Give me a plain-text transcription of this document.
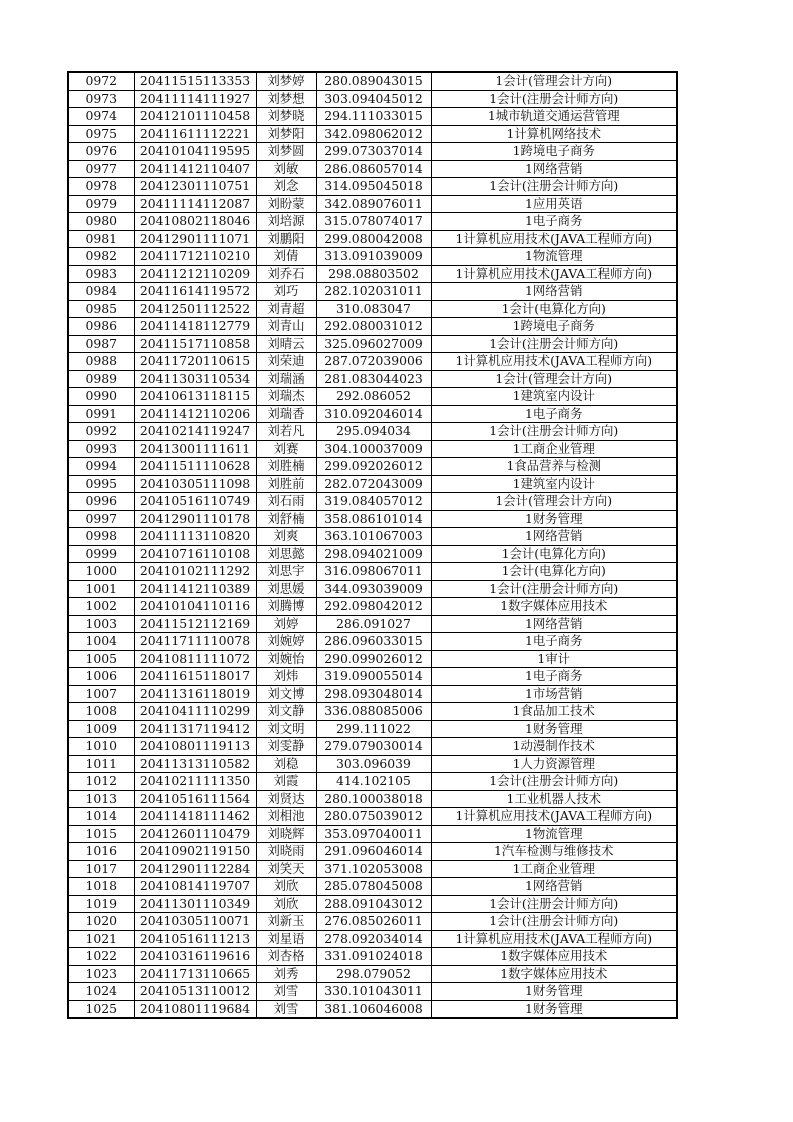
0972	20411515113353	刘梦婷	280.089043015	1会计(管理会计方向)
0973	20411114111927	刘梦想	303.094045012	1会计(注册会计师方向)
0974	20412101110458	刘梦晓	294.111033015	1城市轨道交通运营管理
0975	20411611112221	刘梦阳	342.098062012	1计算机网络技术
0976	20410104119595	刘梦圆	299.073037014	1跨境电子商务
0977	20411412110407	刘敏	286.086057014	1网络营销
0978	20412301110751	刘念	314.095045018	1会计(注册会计师方向)
0979	20411114112087	刘盼蒙	342.089076011	1应用英语
0980	20410802118046	刘培源	315.078074017	1电子商务
0981	20412901111071	刘鹏阳	299.080042008	1计算机应用技术(JAVA工程师方向)
0982	20411712110210	刘倩	313.091039009	1物流管理
0983	20411212110209	刘乔石	298.08803502	1计算机应用技术(JAVA工程师方向)
0984	20411614119572	刘巧	282.102031011	1网络营销
0985	20412501112522	刘青超	310.083047	1会计(电算化方向)
0986	20411418112779	刘青山	292.080031012	1跨境电子商务
0987	20411517110858	刘晴云	325.096027009	1会计(注册会计师方向)
0988	20411720110615	刘荣迪	287.072039006	1计算机应用技术(JAVA工程师方向)
0989	20411303110534	刘瑞涵	281.083044023	1会计(管理会计方向)
0990	20410613118115	刘瑞杰	292.086052	1建筑室内设计
0991	20411412110206	刘瑞香	310.092046014	1电子商务
0992	20410214119247	刘若凡	295.094034	1会计(注册会计师方向)
0993	20413001111611	刘赛	304.100037009	1工商企业管理
0994	20411511110628	刘胜楠	299.092026012	1食品营养与检测
0995	20410305111098	刘胜前	282.072043009	1建筑室内设计
0996	20410516110749	刘石雨	319.084057012	1会计(管理会计方向)
0997	20412901110178	刘舒楠	358.086101014	1财务管理
0998	20411113110820	刘爽	363.101067003	1网络营销
0999	20410716110108	刘思懿	298.094021009	1会计(电算化方向)
1000	20410102111292	刘思宇	316.098067011	1会计(电算化方向)
1001	20411412110389	刘思媛	344.093039009	1会计(注册会计师方向)
1002	20410104110116	刘腾博	292.098042012	1数字媒体应用技术
1003	20411512112169	刘婷	286.091027	1网络营销
1004	20411711110078	刘婉婷	286.096033015	1电子商务
1005	20410811111072	刘婉怡	290.099026012	1审计
1006	20411615118017	刘炜	319.090055014	1电子商务
1007	20411316118019	刘文博	298.093048014	1市场营销
1008	20410411110299	刘文静	336.088085006	1食品加工技术
1009	20411317119412	刘文明	299.111022	1财务管理
1010	20410801119113	刘雯静	279.079030014	1动漫制作技术
1011	20411313110582	刘稳	303.096039	1人力资源管理
1012	20410211111350	刘霞	414.102105	1会计(注册会计师方向)
1013	20410516111564	刘贤达	280.100038018	1工业机器人技术
1014	20411418111462	刘相池	280.075039012	1计算机应用技术(JAVA工程师方向)
1015	20412601110479	刘晓辉	353.097040011	1物流管理
1016	20410902119150	刘晓雨	291.096046014	1汽车检测与维修技术
1017	20412901112284	刘笑天	371.102053008	1工商企业管理
1018	20410814119707	刘欣	285.078045008	1网络营销
1019	20411301110349	刘欣	288.091043012	1会计(注册会计师方向)
1020	20410305110071	刘新玉	276.085026011	1会计(注册会计师方向)
1021	20410516111213	刘星语	278.092034014	1计算机应用技术(JAVA工程师方向)
1022	20410316119616	刘杏格	331.091024018	1数字媒体应用技术
1023	20411713110665	刘秀	298.079052	1数字媒体应用技术
1024	20410513110012	刘雪	330.101043011	1财务管理
1025	20410801119684	刘雪	381.106046008	1财务管理
